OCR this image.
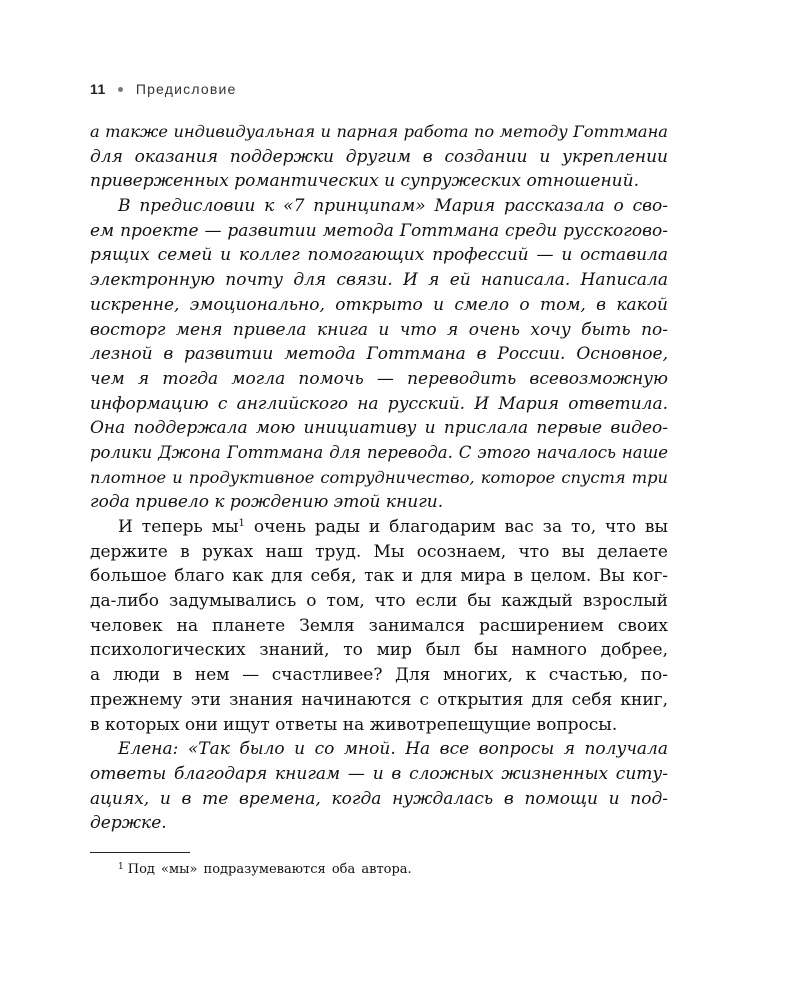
11 Предисловие
а также индивидуальная и парная работа по методу Готтмана
для оказания поддержки другим в создании и укреплении
приверженных романтических и супружеских отношений.
В предисловии к «7 принципам» Мария рассказала о сво-
ем проекте — развитии метода Готтмана среди русскогово-
рящих семей и коллег помогающих профессий — и оставила
электронную почту для связи. И я ей написала. Написала
искренне, эмоционально, открыто и смело о том, в какой
восторг меня привела книга и что я очень хочу быть по-
лезной в развитии метода Готтмана в России. Основное,
чем я тогда могла помочь — переводить всевозможную
информацию с английского на русский. И Мария ответила.
Она поддержала мою инициативу и прислала первые видео-
ролики Джона Готтмана для перевода. С этого началось наше
плотное и продуктивное сотрудничество, которое спустя три
года привело к рождению этой книги.
И теперь мы$^1$ очень рады и благодарим вас за то, что вы
держите в руках наш труд. Мы осознаем, что вы делаете
большое благо как для себя, так и для мира в целом. Вы ког-
да-либо задумывались о том, что если бы каждый взрослый
человек на планете Земля занимался расширением своих
психологических знаний, то мир был бы намного добрее,
а люди в нем — счастливее? Для многих, к счастью, по-
прежнему эти знания начинаются с открытия для себя книг,
в которых они ищут ответы на животрепещущие вопросы.
Елена: «Так было и со мной. На все вопросы я получала
ответы благодаря книгам — и в сложных жизненных ситу-
ациях, и в те времена, когда нуждалась в помощи и под-
держке.
$^1$ Под «мы» подразумеваются оба автора.
